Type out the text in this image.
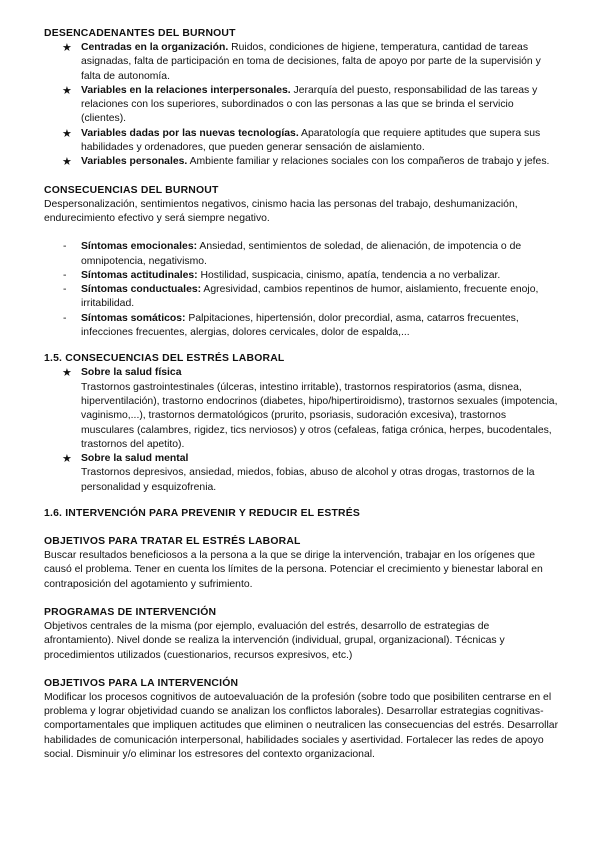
DESENCADENANTES DEL BURNOUT
★ Centradas en la organización. Ruidos, condiciones de higiene, temperatura, cantidad de tareas asignadas, falta de participación en toma de decisiones, falta de apoyo por parte de la supervisión y falta de autonomía.
★ Variables en la relaciones interpersonales. Jerarquía del puesto, responsabilidad de las tareas y relaciones con los superiores, subordinados o con las personas a las que se brinda el servicio (clientes).
★ Variables dadas por las nuevas tecnologías. Aparatología que requiere aptitudes que supera sus habilidades y ordenadores, que pueden generar sensación de aislamiento.
★ Variables personales. Ambiente familiar y relaciones sociales con los compañeros de trabajo y jefes.
CONSECUENCIAS DEL BURNOUT

Despersonalización, sentimientos negativos, cinismo hacia las personas del trabajo, deshumanización, endurecimiento efectivo y será siempre negativo.

- Síntomas emocionales: Ansiedad, sentimientos de soledad, de alienación, de impotencia o de omnipotencia, negativismo.
- Síntomas actitudinales: Hostilidad, suspicacia, cinismo, apatía, tendencia a no verbalizar.
- Síntomas conductuales: Agresividad, cambios repentinos de humor, aislamiento, frecuente enojo, irritabilidad.
- Síntomas somáticos: Palpitaciones, hipertensión, dolor precordial, asma, catarros frecuentes, infecciones frecuentes, alergias, dolores cervicales, dolor de espalda,...
1.5. CONSECUENCIAS DEL ESTRÉS LABORAL
★ Sobre la salud física

Trastornos gastrointestinales (úlceras, intestino irritable), trastornos respiratorios (asma, disnea, hiperventilación), trastorno endocrinos (diabetes, hipo/hipertiroidismo), trastornos sexuales (impotencia, vaginismo,...), trastornos dermatológicos (prurito, psoriasis, sudoración excesiva), trastornos musculares (calambres, rigidez, tics nerviosos) y otros (cefaleas, fatiga crónica, herpes, bucodentales, trastornos del apetito).

★ Sobre la salud mental

Trastornos depresivos, ansiedad, miedos, fobias, abuso de alcohol y otras drogas, trastornos de la personalidad y esquizofrenia.

1.6. INTERVENCIÓN PARA PREVENIR Y REDUCIR EL ESTRÉS
OBJETIVOS PARA TRATAR EL ESTRÉS LABORAL

Buscar resultados beneficiosos a la persona a la que se dirige la intervención, trabajar en los orígenes que causó el problema. Tener en cuenta los límites de la persona. Potenciar el crecimiento y bienestar laboral en contraposición del agotamiento y sufrimiento.

PROGRAMAS DE INTERVENCIÓN

Objetivos centrales de la misma (por ejemplo, evaluación del estrés, desarrollo de estrategias de afrontamiento). Nivel donde se realiza la intervención (individual, grupal, organizacional). Técnicas y procedimientos utilizados (cuestionarios, recursos expresivos, etc.)

OBJETIVOS PARA LA INTERVENCIÓN

Modificar los procesos cognitivos de autoevaluación de la profesión (sobre todo que posibiliten centrarse en el problema y lograr objetividad cuando se analizan los conflictos laborales). Desarrollar estrategias cognitivas-comportamentales que impliquen actitudes que eliminen o neutralicen las consecuencias del estrés. Desarrollar habilidades de comunicación interpersonal, habilidades sociales y asertividad. Fortalecer las redes de apoyo social. Disminuir y/o eliminar los estresores del contexto organizacional.
